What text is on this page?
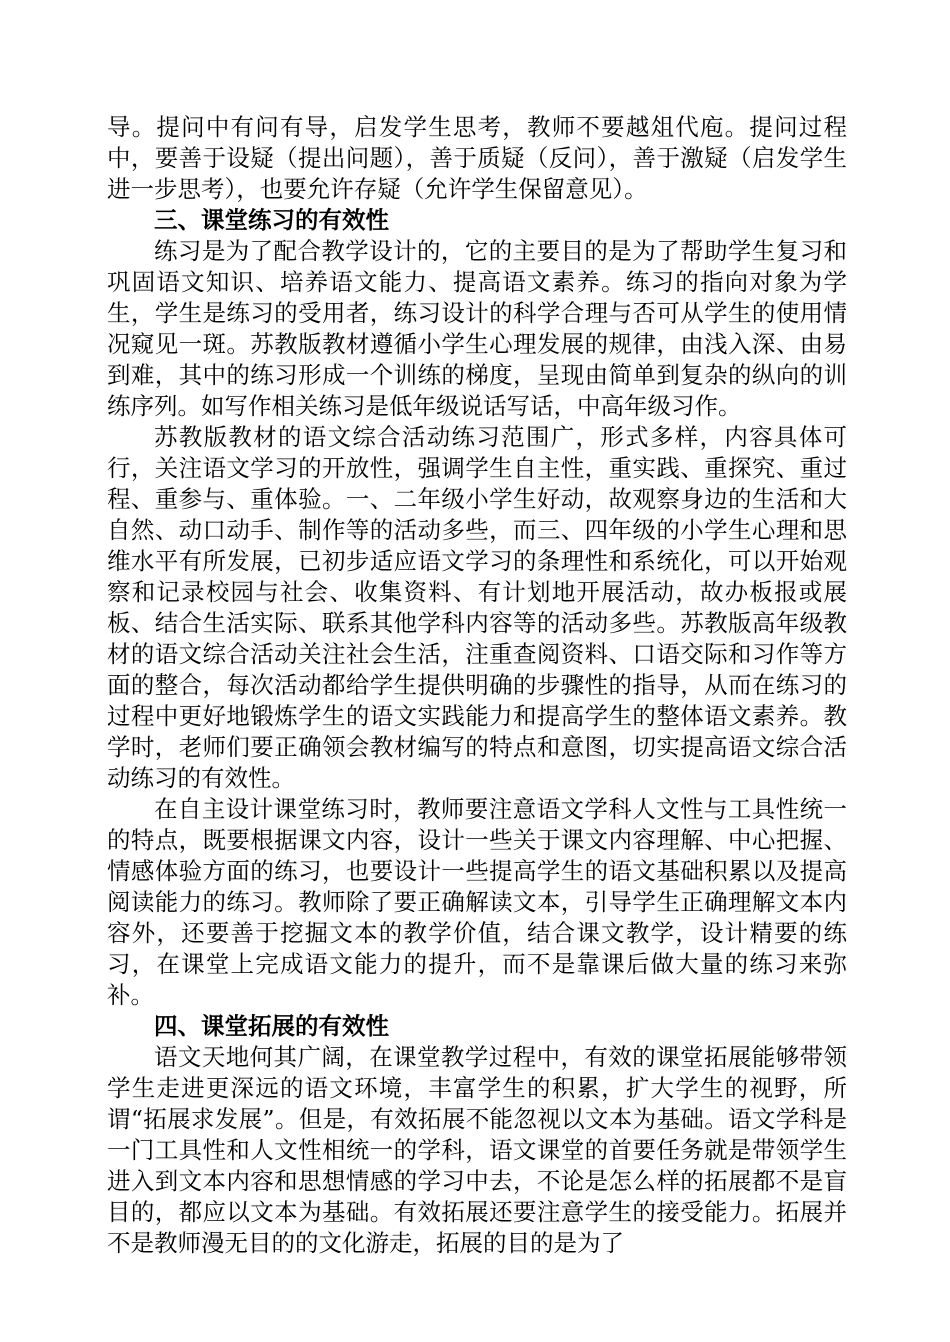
导。提问中有问有导，启发学生思考，教师不要越俎代庖。提问过程中，要善于设疑（提出问题），善于质疑（反问），善于激疑（启发学生进一步思考），也要允许存疑（允许学生保留意见）。

三、课堂练习的有效性

练习是为了配合教学设计的，它的主要目的是为了帮助学生复习和巩固语文知识、培养语文能力、提高语文素养。练习的指向对象为学生，学生是练习的受用者，练习设计的科学合理与否可从学生的使用情况窥见一斑。苏教版教材遵循小学生心理发展的规律，由浅入深、由易到难，其中的练习形成一个训练的梯度，呈现由简单到复杂的纵向的训练序列。如写作相关练习是低年级说话写话，中高年级习作。

苏教版教材的语文综合活动练习范围广，形式多样，内容具体可行，关注语文学习的开放性，强调学生自主性，重实践、重探究、重过程、重参与、重体验。一、二年级小学生好动，故观察身边的生活和大自然、动口动手、制作等的活动多些，而三、四年级的小学生心理和思维水平有所发展，已初步适应语文学习的条理性和系统化，可以开始观察和记录校园与社会、收集资料、有计划地开展活动，故办板报或展板、结合生活实际、联系其他学科内容等的活动多些。苏教版高年级教材的语文综合活动关注社会生活，注重查阅资料、口语交际和习作等方面的整合，每次活动都给学生提供明确的步骤性的指导，从而在练习的过程中更好地锻炼学生的语文实践能力和提高学生的整体语文素养。教学时，老师们要正确领会教材编写的特点和意图，切实提高语文综合活动练习的有效性。

在自主设计课堂练习时，教师要注意语文学科人文性与工具性统一的特点，既要根据课文内容，设计一些关于课文内容理解、中心把握、情感体验方面的练习，也要设计一些提高学生的语文基础积累以及提高阅读能力的练习。教师除了要正确解读文本，引导学生正确理解文本内容外，还要善于挖掘文本的教学价值，结合课文教学，设计精要的练习，在课堂上完成语文能力的提升，而不是靠课后做大量的练习来弥补。

四、课堂拓展的有效性

语文天地何其广阔，在课堂教学过程中，有效的课堂拓展能够带领学生走进更深远的语文环境，丰富学生的积累，扩大学生的视野，所谓“拓展求发展”。但是，有效拓展不能忽视以文本为基础。语文学科是一门工具性和人文性相统一的学科，语文课堂的首要任务就是带领学生进入到文本内容和思想情感的学习中去，不论是怎么样的拓展都不是盲目的，都应以文本为基础。有效拓展还要注意学生的接受能力。拓展并不是教师漫无目的的文化游走，拓展的目的是为了
